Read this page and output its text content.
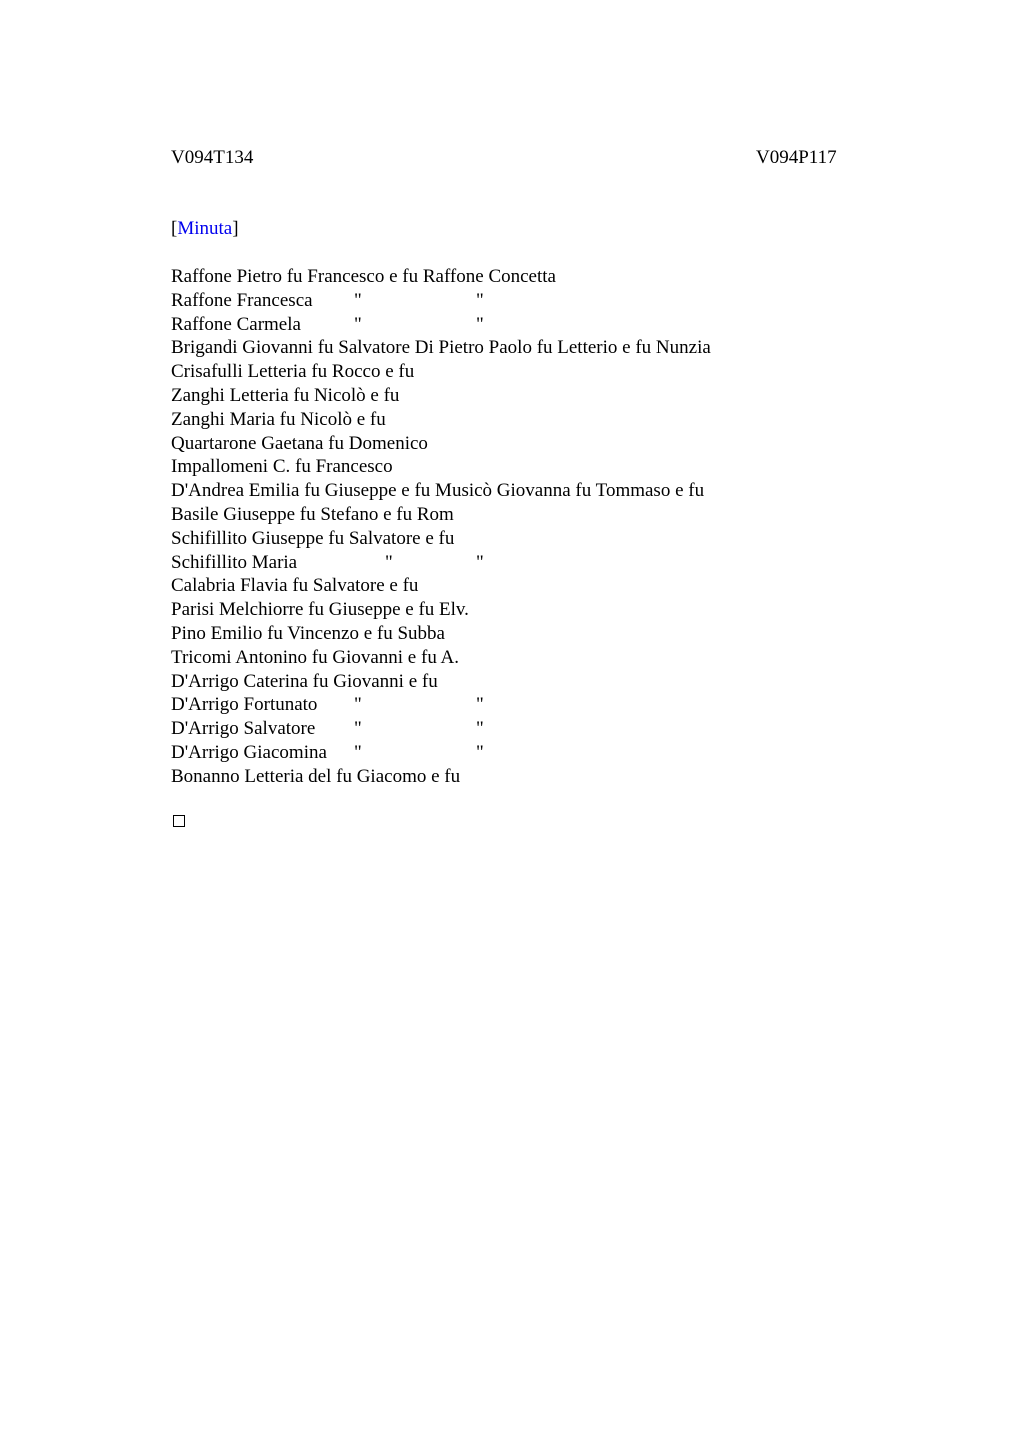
V094T134	V094P117
[Minuta]
Raffone Pietro fu Francesco e fu Raffone Concetta
Raffone Francesca "	"
Raffone Carmela	"	"
Brigandi Giovanni fu Salvatore Di Pietro Paolo fu Letterio e fu Nunzia
Crisafulli Letteria fu Rocco e fu
Zanghi Letteria fu Nicolò e fu
Zanghi Maria fu Nicolò e fu
Quartarone Gaetana fu Domenico
Impallomeni C. fu Francesco
D'Andrea Emilia fu Giuseppe e fu Musicò Giovanna fu Tommaso e fu
Basile Giuseppe fu Stefano e fu Rom
Schifillito Giuseppe fu Salvatore e fu
Schifillito Maria	"	"
Calabria Flavia fu Salvatore e fu
Parisi Melchiorre fu Giuseppe e fu Elv.
Pino Emilio fu Vincenzo e fu Subba
Tricomi Antonino fu Giovanni e fu A.
D'Arrigo Caterina fu Giovanni e fu
D'Arrigo Fortunato "	"
D'Arrigo Salvatore "	"
D'Arrigo Giacomina "	"
Bonanno Letteria del fu Giacomo e fu
